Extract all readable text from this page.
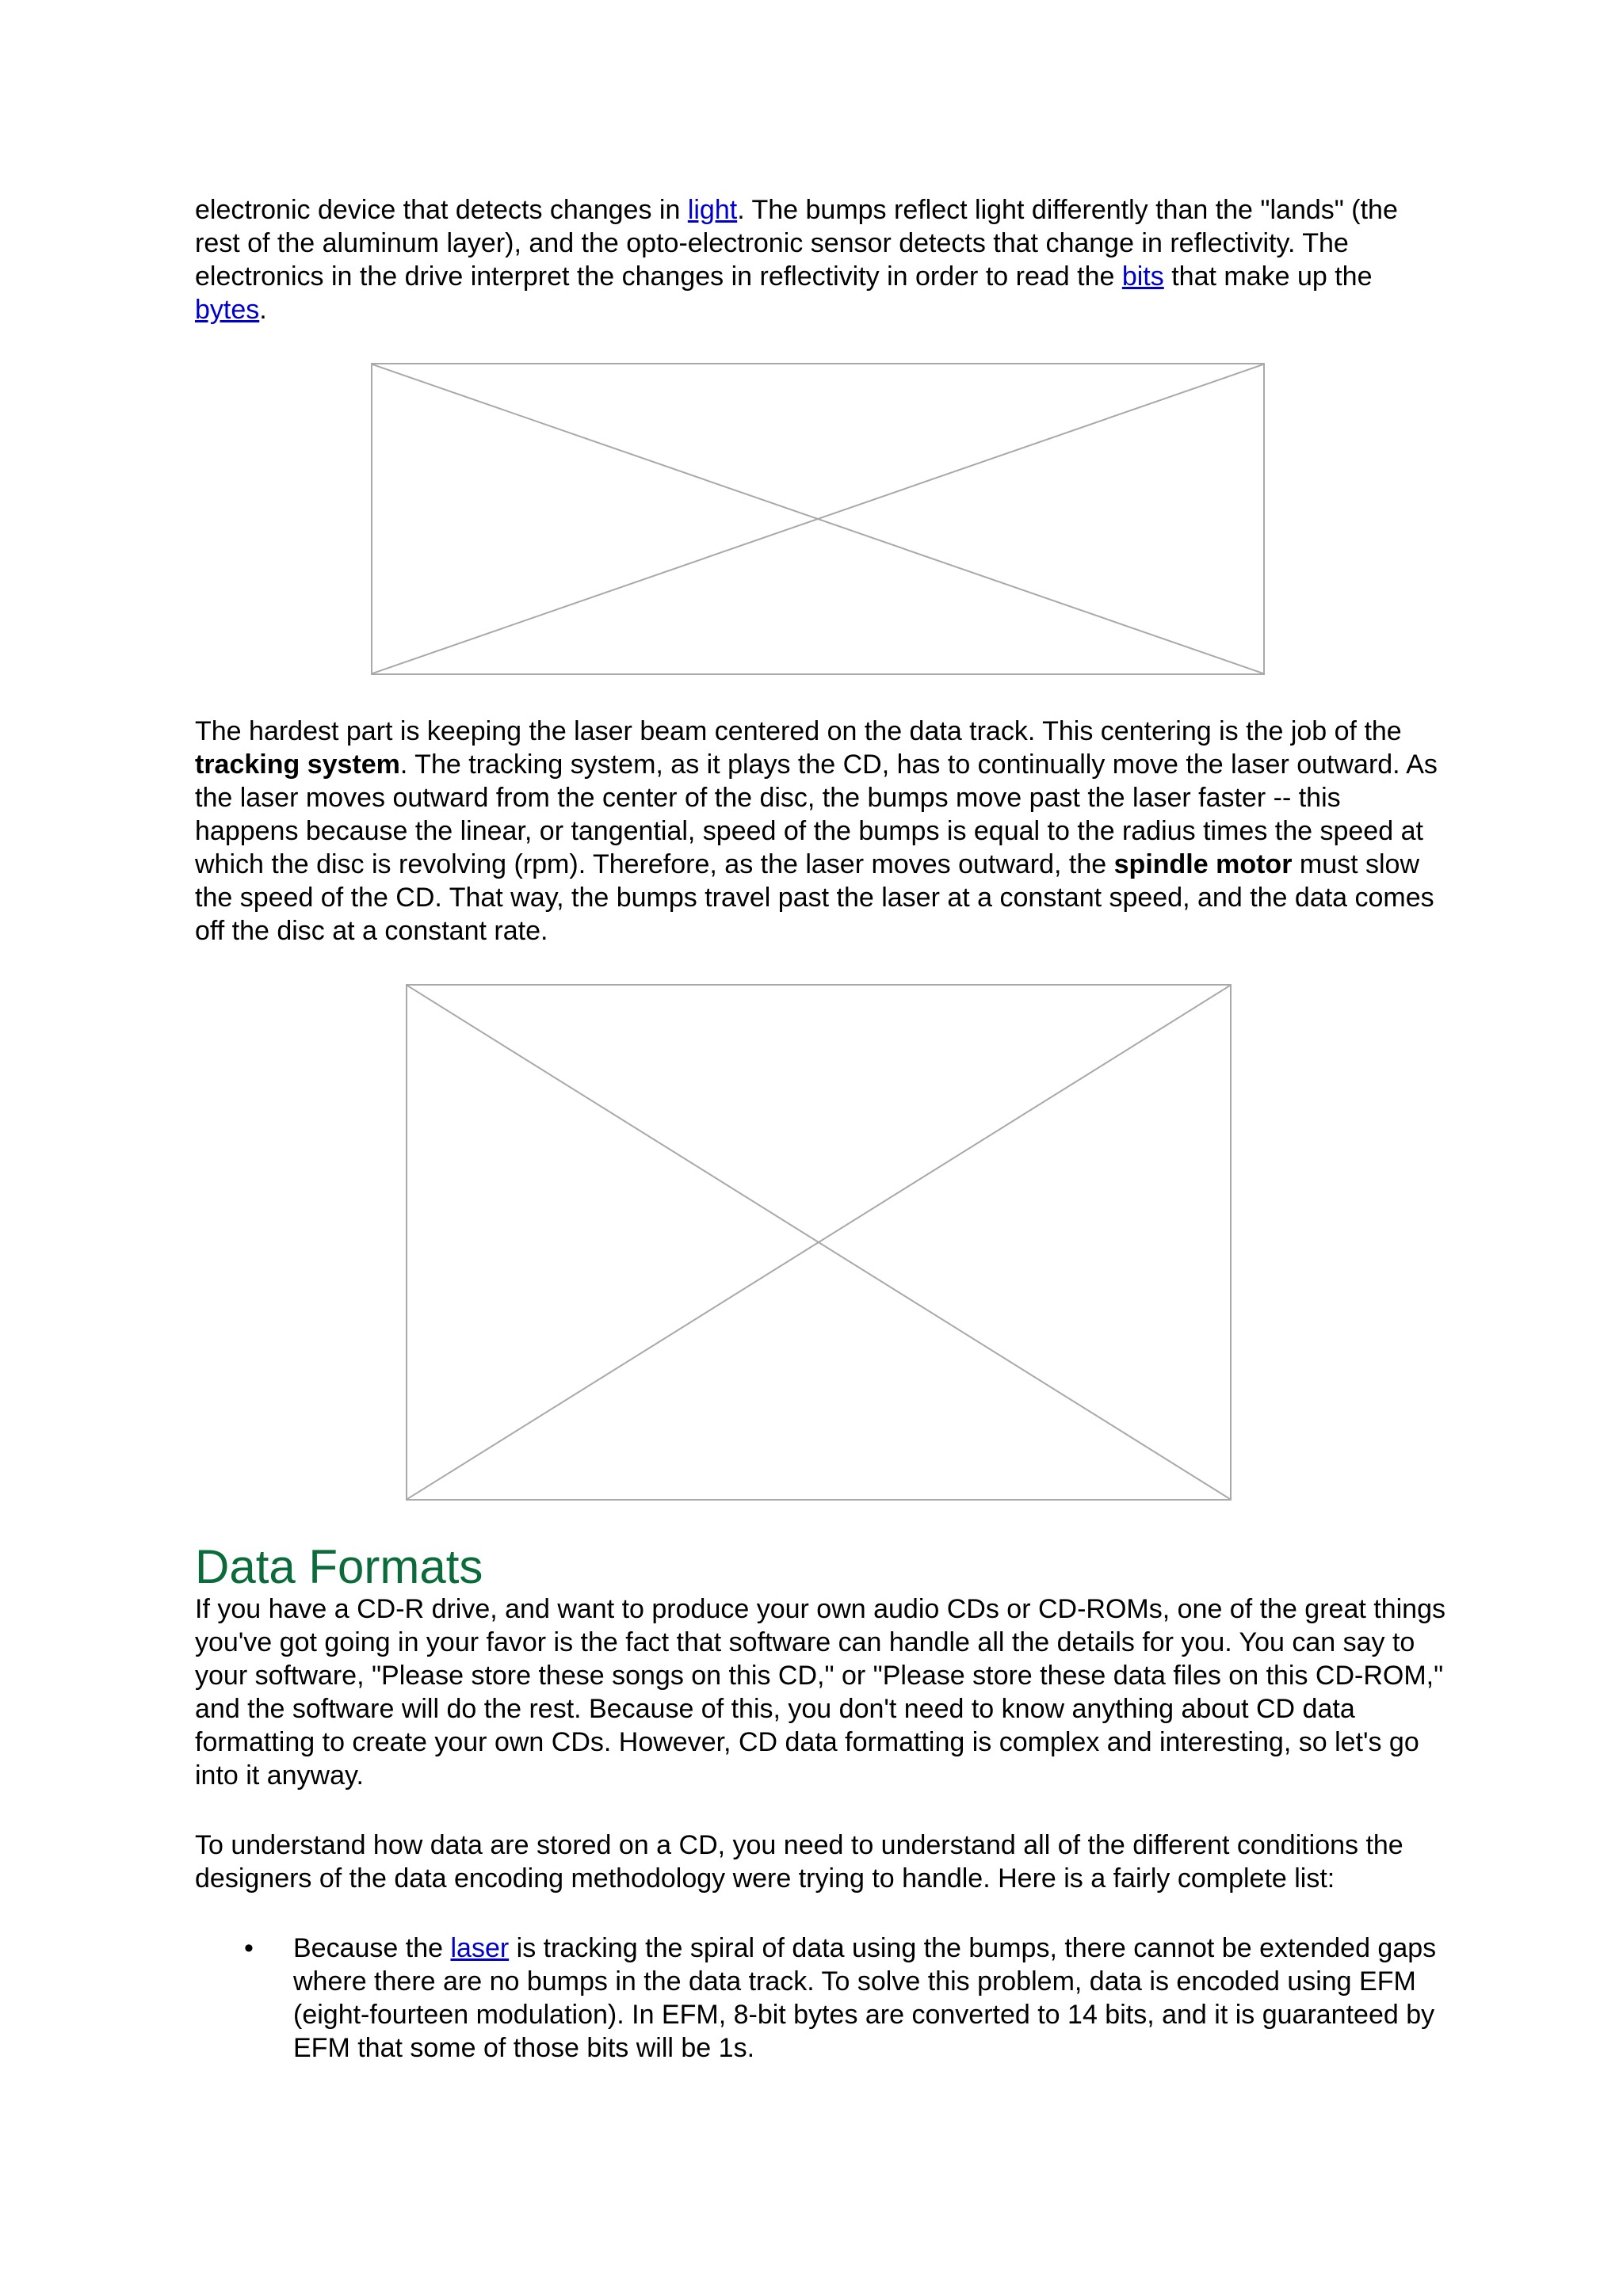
electronic device that detects changes in light. The bumps reflect light differently than the "lands" (the rest of the aluminum layer), and the opto-electronic sensor detects that change in reflectivity. The electronics in the drive interpret the changes in reflectivity in order to read the bits that make up the bytes.

The hardest part is keeping the laser beam centered on the data track. This centering is the job of the tracking system. The tracking system, as it plays the CD, has to continually move the laser outward. As the laser moves outward from the center of the disc, the bumps move past the laser faster -- this happens because the linear, or tangential, speed of the bumps is equal to the radius times the speed at which the disc is revolving (rpm). Therefore, as the laser moves outward, the spindle motor must slow the speed of the CD. That way, the bumps travel past the laser at a constant speed, and the data comes off the disc at a constant rate.

Data Formats

If you have a CD-R drive, and want to produce your own audio CDs or CD-ROMs, one of the great things you've got going in your favor is the fact that software can handle all the details for you. You can say to your software, "Please store these songs on this CD," or "Please store these data files on this CD-ROM," and the software will do the rest. Because of this, you don't need to know anything about CD data formatting to create your own CDs. However, CD data formatting is complex and interesting, so let's go into it anyway.

To understand how data are stored on a CD, you need to understand all of the different conditions the designers of the data encoding methodology were trying to handle. Here is a fairly complete list:

• Because the laser is tracking the spiral of data using the bumps, there cannot be extended gaps where there are no bumps in the data track. To solve this problem, data is encoded using EFM (eight-fourteen modulation). In EFM, 8-bit bytes are converted to 14 bits, and it is guaranteed by EFM that some of those bits will be 1s.
